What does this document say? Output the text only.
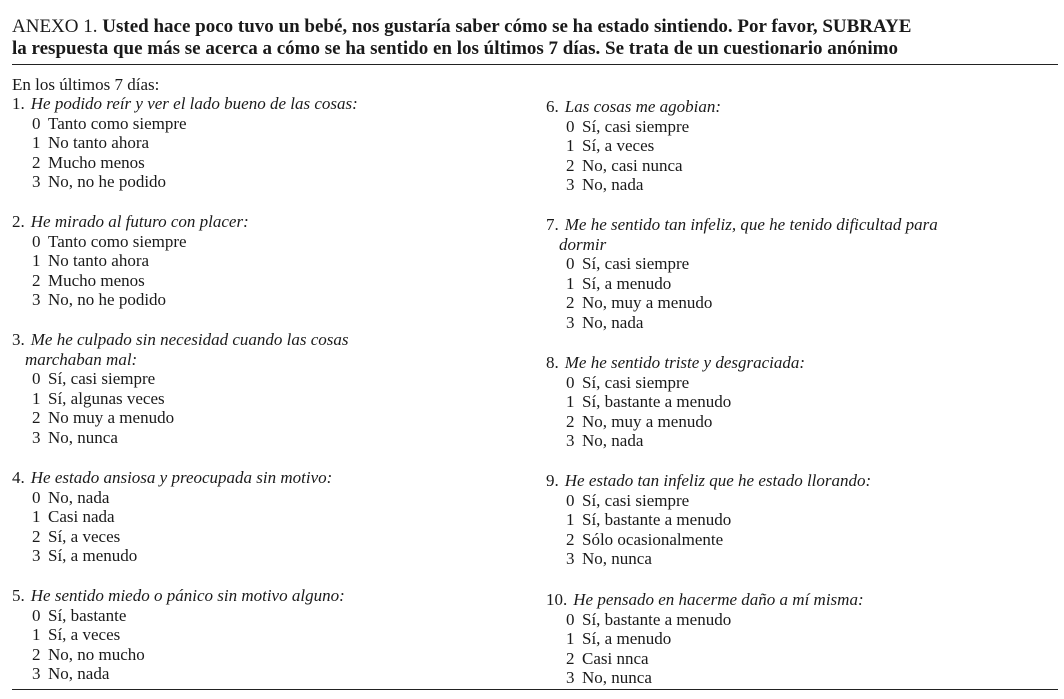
ANEXO 1. Usted hace poco tuvo un bebé, nos gustaría saber cómo se ha estado sintiendo. Por favor, SUBRAYE
la respuesta que más se acerca a cómo se ha sentido en los últimos 7 días. Se trata de un cuestionario anónimo
En los últimos 7 días:
1. He podido reír y ver el lado bueno de las cosas:
0 Tanto como siempre
1 No tanto ahora
2 Mucho menos
3 No, no he podido
2. He mirado al futuro con placer:
0 Tanto como siempre
1 No tanto ahora
2 Mucho menos
3 No, no he podido
3. Me he culpado sin necesidad cuando las cosas
marchaban mal:
0 Sí, casi siempre
1 Sí, algunas veces
2 No muy a menudo
3 No, nunca
4. He estado ansiosa y preocupada sin motivo:
0 No, nada
1 Casi nada
2 Sí, a veces
3 Sí, a menudo
5. He sentido miedo o pánico sin motivo alguno:
0 Sí, bastante
1 Sí, a veces
2 No, no mucho
3 No, nada
6. Las cosas me agobian:
0 Sí, casi siempre
1 Sí, a veces
2 No, casi nunca
3 No, nada
7. Me he sentido tan infeliz, que he tenido dificultad para
dormir
0 Sí, casi siempre
1 Sí, a menudo
2 No, muy a menudo
3 No, nada
8. Me he sentido triste y desgraciada:
0 Sí, casi siempre
1 Sí, bastante a menudo
2 No, muy a menudo
3 No, nada
9. He estado tan infeliz que he estado llorando:
0 Sí, casi siempre
1 Sí, bastante a menudo
2 Sólo ocasionalmente
3 No, nunca
10. He pensado en hacerme daño a mí misma:
0 Sí, bastante a menudo
1 Sí, a menudo
2 Casi nnca
3 No, nunca
